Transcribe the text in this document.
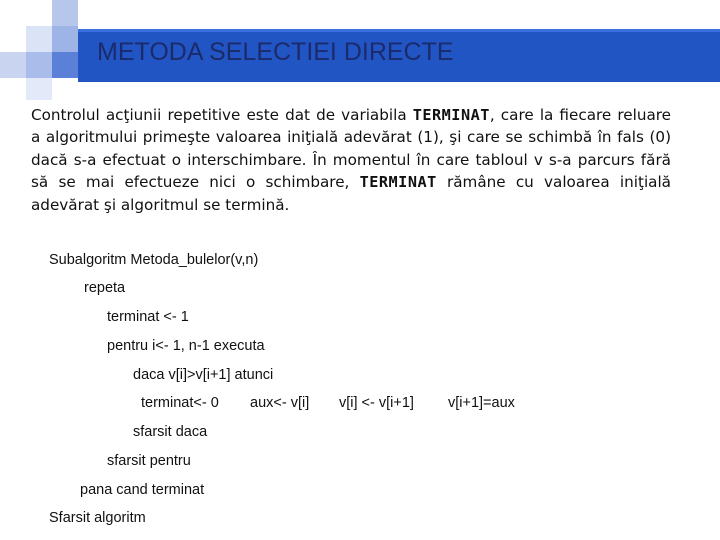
METODA SELECTIEI DIRECTE

Controlul acţiunii repetitive este dat de variabila TERMINAT, care la fiecare reluare a algoritmului primeşte valoarea iniţială adevărat (1), şi care se schimbă în fals (0) dacă s-a efectuat o interschimbare. În momentul în care tabloul v s-a parcurs fără să se mai efectueze nici o schimbare, TERMINAT rămâne cu valoarea iniţială adevărat şi algoritmul se termină.

Subalgoritm Metoda_bulelor(v,n)
repeta
terminat <- 1
pentru i<- 1, n-1 executa
daca v[i]>v[i+1] atunci
terminat<- 0 aux<- v[i] v[i] <- v[i+1] v[i+1]=aux
sfarsit daca
sfarsit pentru
pana cand terminat
Sfarsit algoritm
